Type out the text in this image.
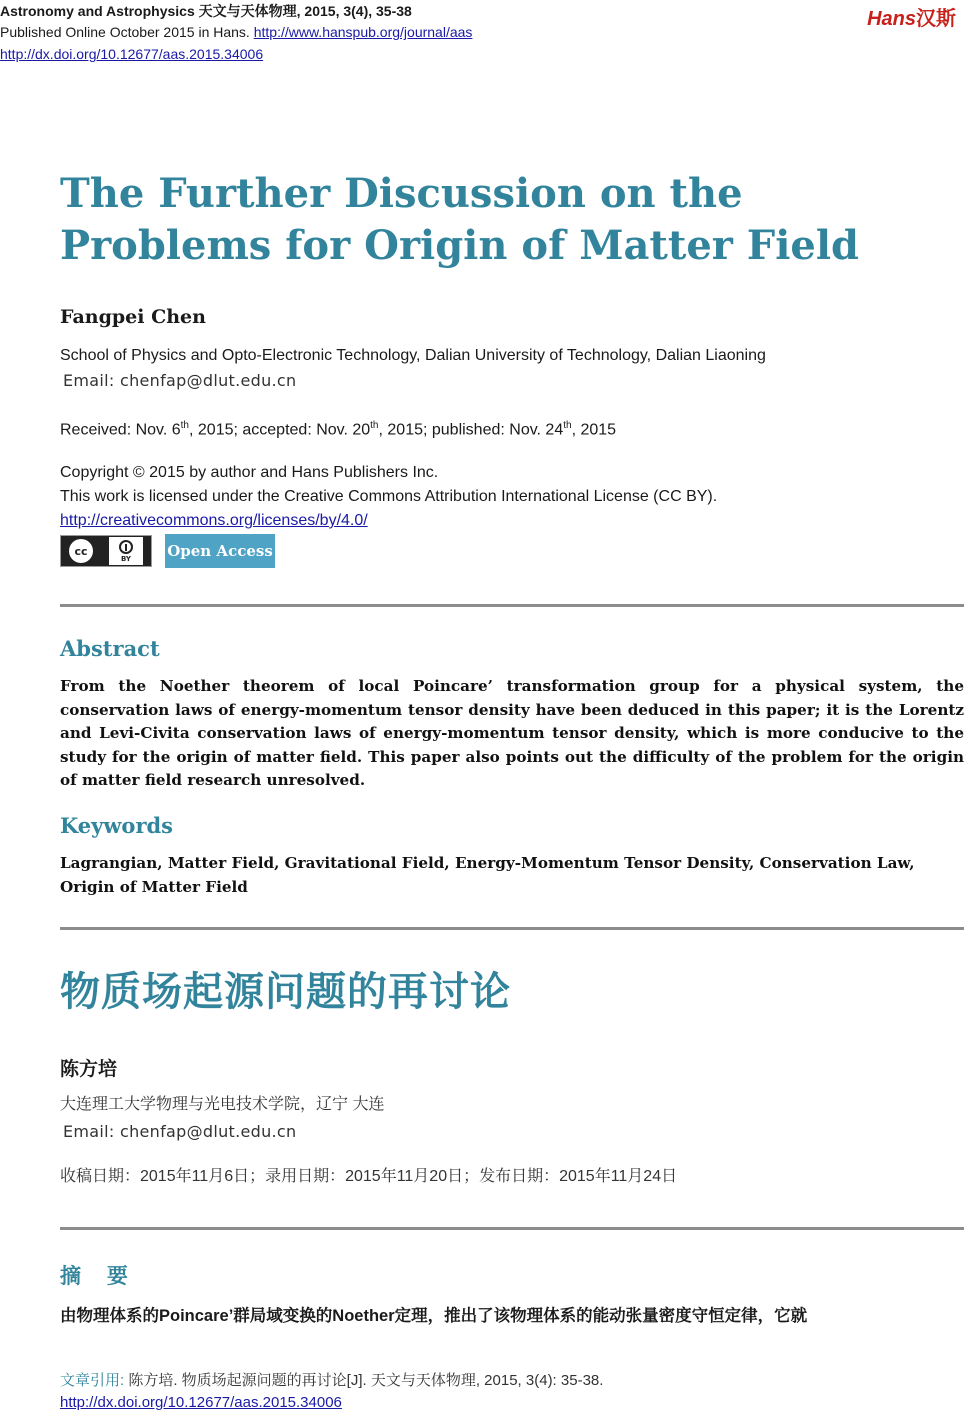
Astronomy and Astrophysics 天文与天体物理, 2015, 3(4), 35-38
Published Online October 2015 in Hans. http://www.hanspub.org/journal/aas
http://dx.doi.org/10.12677/aas.2015.34006
Hans汉斯
The Further Discussion on the Problems for Origin of Matter Field
Fangpei Chen
School of Physics and Opto-Electronic Technology, Dalian University of Technology, Dalian Liaoning
Email: chenfap@dlut.edu.cn
Received: Nov. 6th, 2015; accepted: Nov. 20th, 2015; published: Nov. 24th, 2015
Copyright © 2015 by author and Hans Publishers Inc.
This work is licensed under the Creative Commons Attribution International License (CC BY).
http://creativecommons.org/licenses/by/4.0/
cc
BY Open Access
Abstract
From the Noether theorem of local Poincare’ transformation group for a physical system, the conservation laws of energy-momentum tensor density have been deduced in this paper; it is the Lorentz and Levi-Civita conservation laws of energy-momentum tensor density, which is more conducive to the study for the origin of matter field. This paper also points out the difficulty of the problem for the origin of matter field research unresolved.
Keywords
Lagrangian, Matter Field, Gravitational Field, Energy-Momentum Tensor Density, Conservation Law, Origin of Matter Field
物质场起源问题的再讨论
陈方培
大连理工大学物理与光电技术学院，辽宁 大连
Email: chenfap@dlut.edu.cn
收稿日期：2015年11月6日；录用日期：2015年11月20日；发布日期：2015年11月24日
摘 要
由物理体系的Poincare’群局域变换的Noether定理，推出了该物理体系的能动张量密度守恒定律，它就
文章引用: 陈方培. 物质场起源问题的再讨论[J]. 天文与天体物理, 2015, 3(4): 35-38.
http://dx.doi.org/10.12677/aas.2015.34006
